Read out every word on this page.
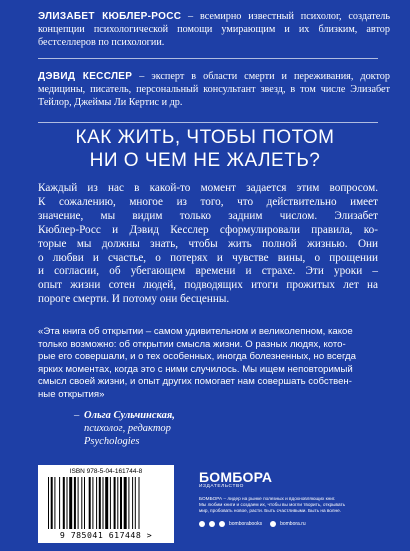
ЭЛИЗАБЕТ КЮБЛЕР-РОСС – всемирно известный психолог, создатель концепции психологической помощи умирающим и их близким, автор бестселлеров по психологии.
ДЭВИД КЕССЛЕР – эксперт в области смерти и переживания, доктор медицины, писатель, персональный консультант звезд, в том числе Элизабет Тейлор, Джеймы Ли Кертис и др.
КАК ЖИТЬ, ЧТОБЫ ПОТОМ
НИ О ЧЕМ НЕ ЖАЛЕТЬ?
Каждый из нас в какой-то момент задается этим вопросом.
К сожалению, многое из того, что действительно имеет
значение, мы видим только задним числом. Элизабет
Кюблер-Росс и Дэвид Кесслер сформулировали правила, ко-
торые мы должны знать, чтобы жить полной жизнью. Они
о любви и счастье, о потерях и чувстве вины, о прощении
и согласии, об убегающем времени и страхе. Эти уроки –
опыт жизни сотен людей, подводящих итоги прожитых лет на
пороге смерти. И потому они бесценны.
«Эта книга об открытии – самом удивительном и великолепном, какое
только возможно: об открытии смысла жизни. О разных людях, кото-
рые его совершали, и о тех особенных, иногда болезненных, но всегда
ярких моментах, когда это с ними случилось. Мы ищем неповторимый
смысл своей жизни, и опыт других помогает нам совершать собствен-
ные открытия»
– Ольга Сульчинская,
психолог, редактор
Psychologies
ISBN 978-5-04-161744-8
9 785041 617448 >
БОМБОРА
ИЗДАТЕЛЬСТВО
БОМБОРА – лидер на рынке полезных и вдохновляющих книг.
Мы любим книги и создаем их, чтобы вы могли творить, открывать
мир, пробовать новое, расти. Быть счастливыми. Быть на волне.
bomborabooks	bombora.ru
